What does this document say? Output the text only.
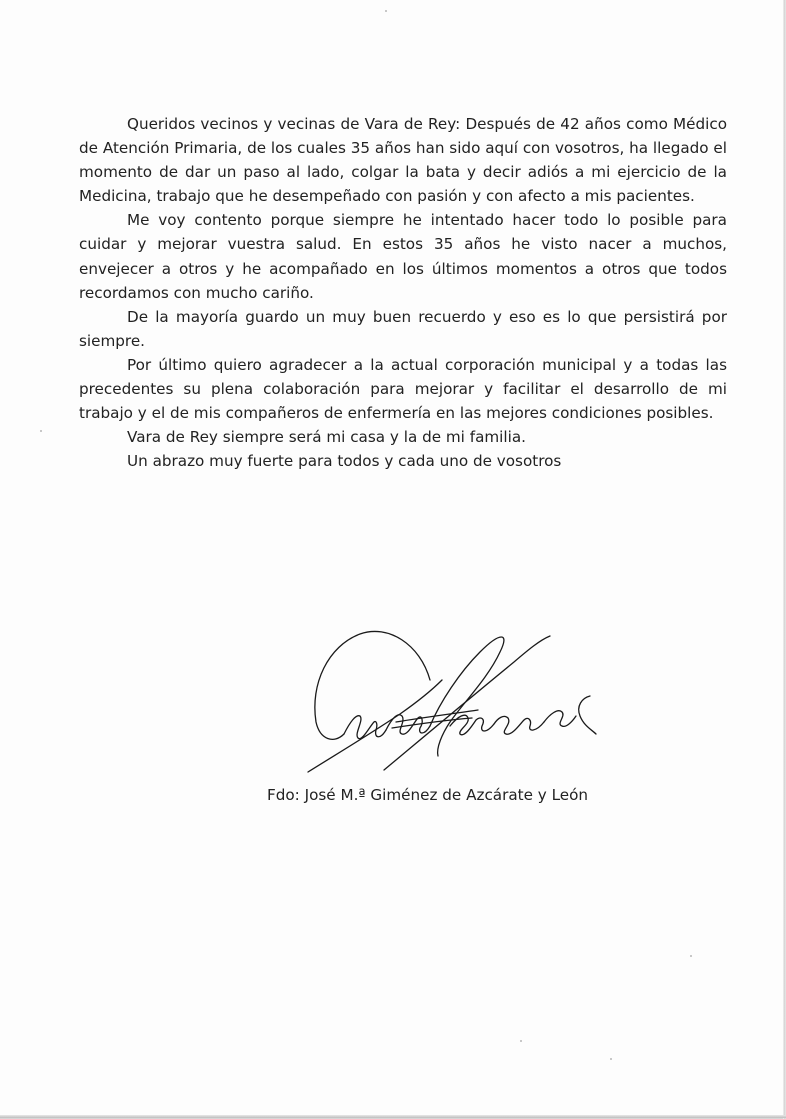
Queridos vecinos y vecinas de Vara de Rey: Después de 42 años como Médico de Atención Primaria, de los cuales 35 años han sido aquí con vosotros, ha llegado el momento de dar un paso al lado, colgar la bata y decir adiós a mi ejercicio de la Medicina, trabajo que he desempeñado con pasión y con afecto a mis pacientes.

Me voy contento porque siempre he intentado hacer todo lo posible para cuidar y mejorar vuestra salud. En estos 35 años he visto nacer a muchos, envejecer a otros y he acompañado en los últimos momentos a otros que todos recordamos con mucho cariño.

De la mayoría guardo un muy buen recuerdo y eso es lo que persistirá por siempre.

Por último quiero agradecer a la actual corporación municipal y a todas las precedentes su plena colaboración para mejorar y facilitar el desarrollo de mi trabajo y el de mis compañeros de enfermería en las mejores condiciones posibles.

Vara de Rey siempre será mi casa y la de mi familia.

Un abrazo muy fuerte para todos y cada uno de vosotros

Fdo: José M.ª Giménez de Azcárate y León
